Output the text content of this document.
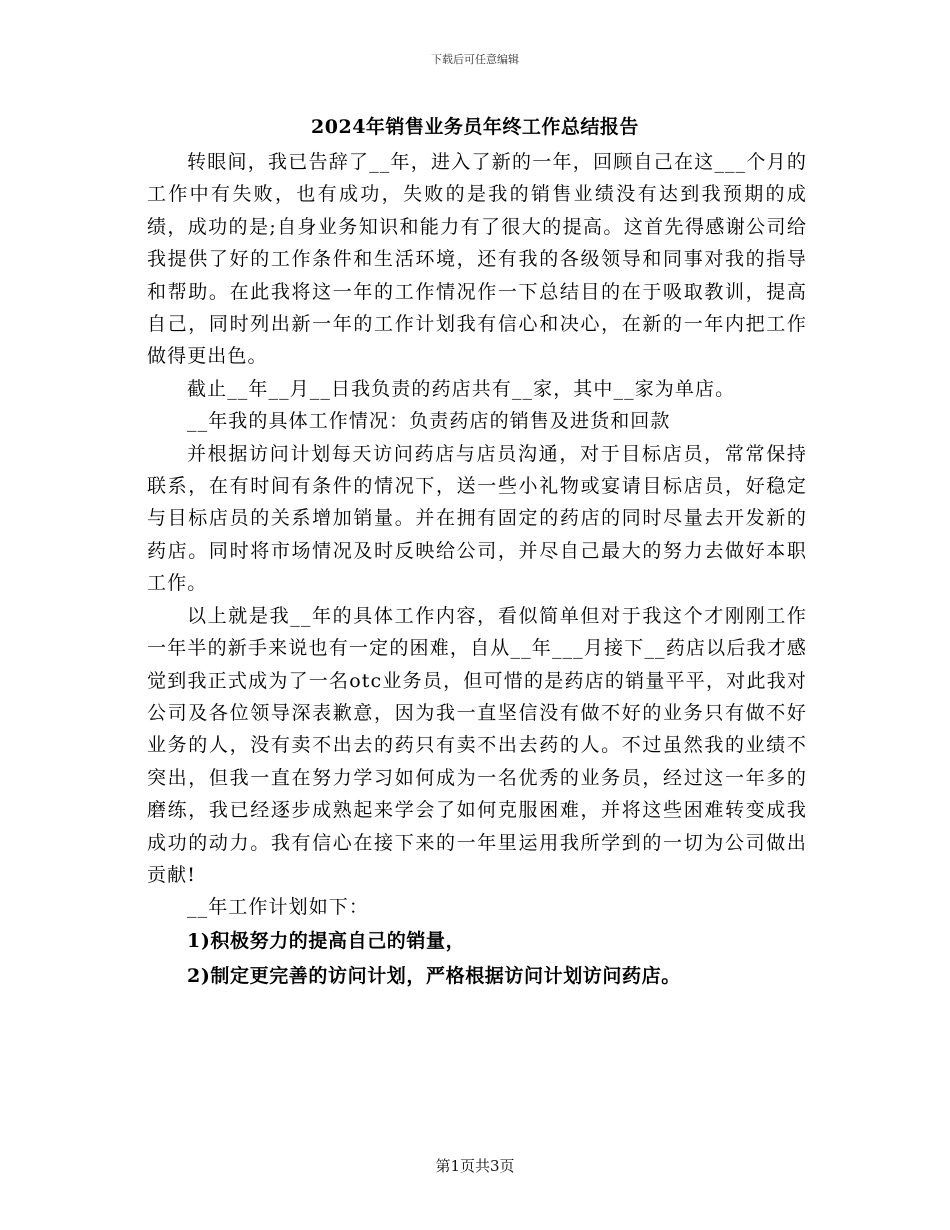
下载后可任意编辑
2024年销售业务员年终工作总结报告

转眼间，我已告辞了__年，进入了新的一年，回顾自己在这___个月的工作中有失败，也有成功，失败的是我的销售业绩没有达到我预期的成绩，成功的是;自身业务知识和能力有了很大的提高。这首先得感谢公司给我提供了好的工作条件和生活环境，还有我的各级领导和同事对我的指导和帮助。在此我将这一年的工作情况作一下总结目的在于吸取教训，提高自己，同时列出新一年的工作计划我有信心和决心，在新的一年内把工作做得更出色。

截止__年__月__日我负责的药店共有__家，其中__家为单店。

__年我的具体工作情况：负责药店的销售及进货和回款

并根据访问计划每天访问药店与店员沟通，对于目标店员，常常保持联系，在有时间有条件的情况下，送一些小礼物或宴请目标店员，好稳定与目标店员的关系增加销量。并在拥有固定的药店的同时尽量去开发新的药店。同时将市场情况及时反映给公司，并尽自己最大的努力去做好本职工作。

以上就是我__年的具体工作内容，看似简单但对于我这个才刚刚工作一年半的新手来说也有一定的困难，自从__年___月接下__药店以后我才感觉到我正式成为了一名otc业务员，但可惜的是药店的销量平平，对此我对公司及各位领导深表歉意，因为我一直坚信没有做不好的业务只有做不好业务的人，没有卖不出去的药只有卖不出去药的人。不过虽然我的业绩不突出，但我一直在努力学习如何成为一名优秀的业务员，经过这一年多的磨练，我已经逐步成熟起来学会了如何克服困难，并将这些困难转变成我成功的动力。我有信心在接下来的一年里运用我所学到的一切为公司做出贡献!

__年工作计划如下：

1)积极努力的提高自己的销量，

2)制定更完善的访问计划，严格根据访问计划访问药店。

第1页共3页
